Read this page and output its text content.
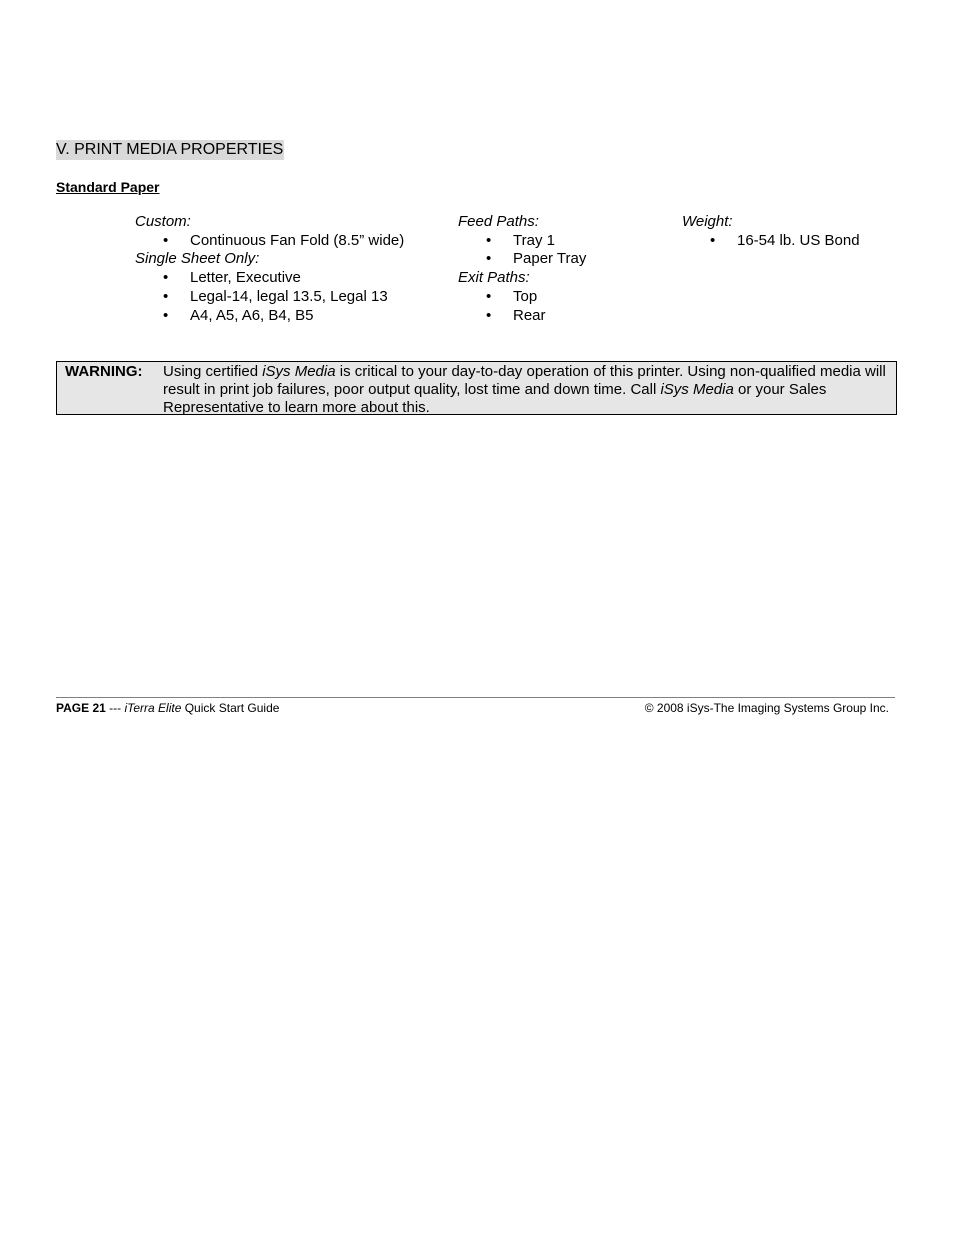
V. PRINT MEDIA PROPERTIES
Standard Paper
Custom:
• Continuous Fan Fold (8.5” wide)
Single Sheet Only:
• Letter, Executive
• Legal-14, legal 13.5, Legal 13
• A4, A5, A6, B4, B5
Feed Paths:
• Tray 1
• Paper Tray
Exit Paths:
• Top
• Rear
Weight:
• 16-54 lb. US Bond
WARNING: Using certified iSys Media is critical to your day-to-day operation of this printer. Using non-qualified media will result in print job failures, poor output quality, lost time and down time. Call iSys Media or your Sales Representative to learn more about this.
PAGE 21 --- iTerra Elite Quick Start Guide	© 2008 iSys-The Imaging Systems Group Inc.
